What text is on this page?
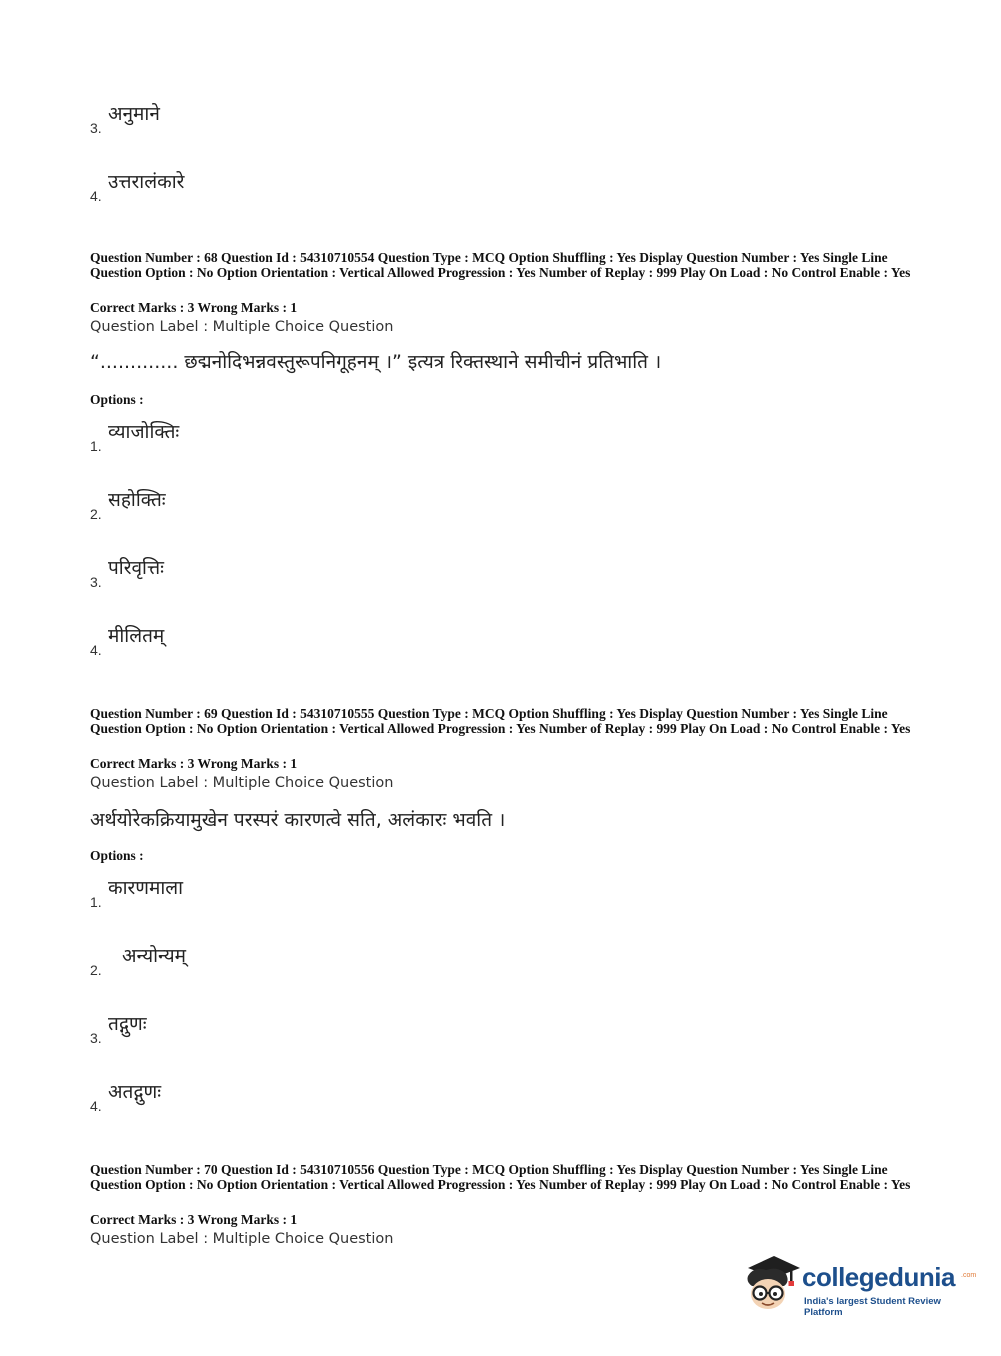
3.
अनुमाने
4.
उत्तरालंकारे
Question Number : 68 Question Id : 54310710554 Question Type : MCQ Option Shuffling : Yes Display Question Number : Yes Single Line Question Option : No Option Orientation : Vertical Allowed Progression : Yes Number of Replay : 999 Play On Load : No Control Enable : Yes
Correct Marks : 3 Wrong Marks : 1
Question Label : Multiple Choice Question
“............. छद्मनोदिभन्नवस्तुरूपनिगूहनम् ।” इत्यत्र रिक्तस्थाने समीचीनं प्रतिभाति ।
Options :
1.
व्याजोक्तिः
2.
सहोक्तिः
3.
परिवृत्तिः
4.
मीलितम्
Question Number : 69 Question Id : 54310710555 Question Type : MCQ Option Shuffling : Yes Display Question Number : Yes Single Line Question Option : No Option Orientation : Vertical Allowed Progression : Yes Number of Replay : 999 Play On Load : No Control Enable : Yes
Correct Marks : 3 Wrong Marks : 1
Question Label : Multiple Choice Question
अर्थयोरेकक्रियामुखेन परस्परं कारणत्वे सति, अलंकारः भवति ।
Options :
1.
कारणमाला
2.
अन्योन्यम्
3.
तद्गुणः
4.
अतद्गुणः
Question Number : 70 Question Id : 54310710556 Question Type : MCQ Option Shuffling : Yes Display Question Number : Yes Single Line Question Option : No Option Orientation : Vertical Allowed Progression : Yes Number of Replay : 999 Play On Load : No Control Enable : Yes
Correct Marks : 3 Wrong Marks : 1
Question Label : Multiple Choice Question
collegedunia .com
India's largest Student Review Platform
